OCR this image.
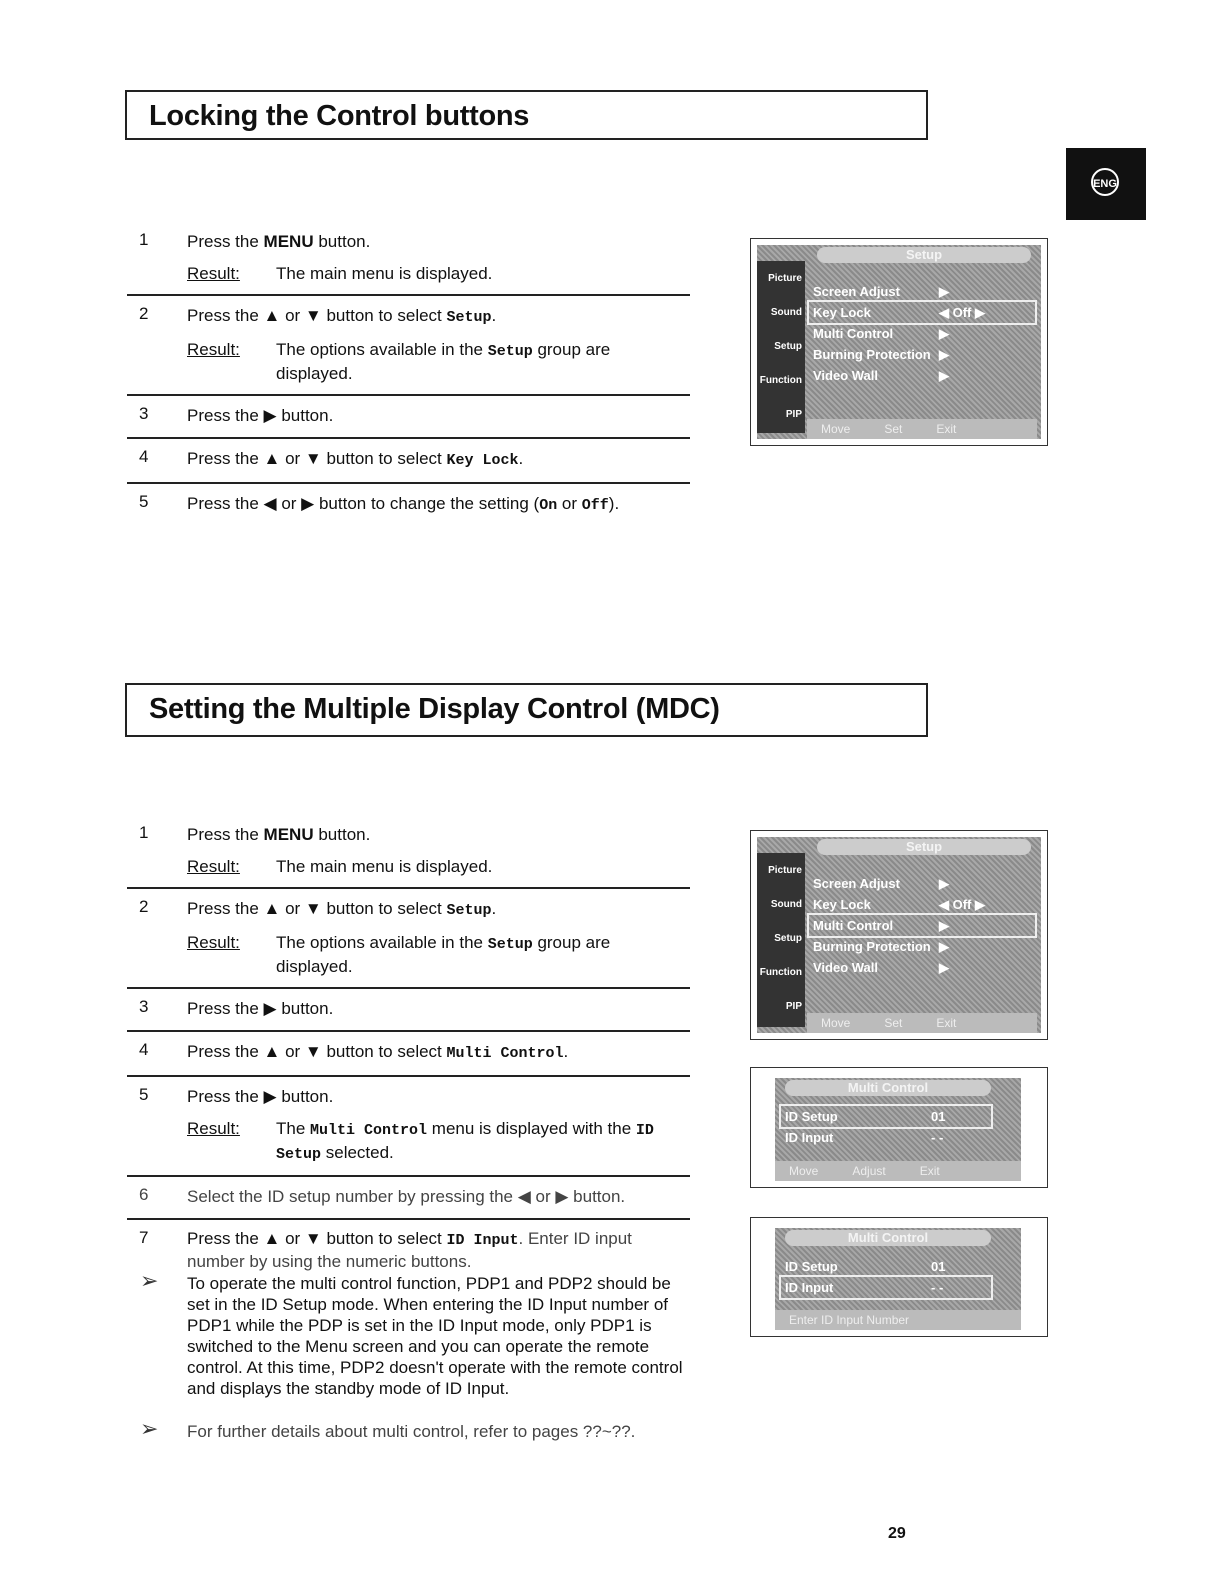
ENG
Locking the Control buttons
1	Press the MENU button.
Result:	The main menu is displayed.
2	Press the ▲ or ▼ button to select Setup.
Result:	The options available in the Setup group are displayed.
3	Press the ▶ button.
4	Press the ▲ or ▼ button to select Key Lock.
5	Press the ◀ or ▶ button to change the setting (On or Off).
Setup
Picture
Sound
Setup
Function
PIP
Screen Adjust	▶
Key Lock	◀ Off ▶
Multi Control	▶
Burning Protection ▶
Video Wall	▶
Move	Set	Exit
Setting the Multiple Display Control (MDC)
1	Press the MENU button.
Result:	The main menu is displayed.
2	Press the ▲ or ▼ button to select Setup.
Result:	The options available in the Setup group are displayed.
3	Press the ▶ button.
4	Press the ▲ or ▼ button to select Multi Control.
5	Press the ▶ button.
Result:	The Multi Control menu is displayed with the ID Setup selected.
6	Select the ID setup number by pressing the ◀ or ▶ button.
7	Press the ▲ or ▼ button to select ID Input. Enter ID input number by using the numeric buttons.
➢ To operate the multi control function, PDP1 and PDP2 should be set in the ID Setup mode. When entering the ID Input number of PDP1 while the PDP is set in the ID Input mode, only PDP1 is switched to the Menu screen and you can operate the remote control. At this time, PDP2 doesn't operate with the remote control and displays the standby mode of ID Input.
➢ For further details about multi control, refer to pages ??~??.
Setup
Picture
Sound
Setup
Function
PIP
Screen Adjust	▶
Key Lock	◀ Off ▶
Multi Control	▶
Burning Protection ▶
Video Wall	▶
Move	Set	Exit
Multi Control
ID Setup	01
ID Input	- -
Move	Adjust	Exit
Multi Control
ID Setup	01
ID Input	- -
Enter ID Input Number
29
